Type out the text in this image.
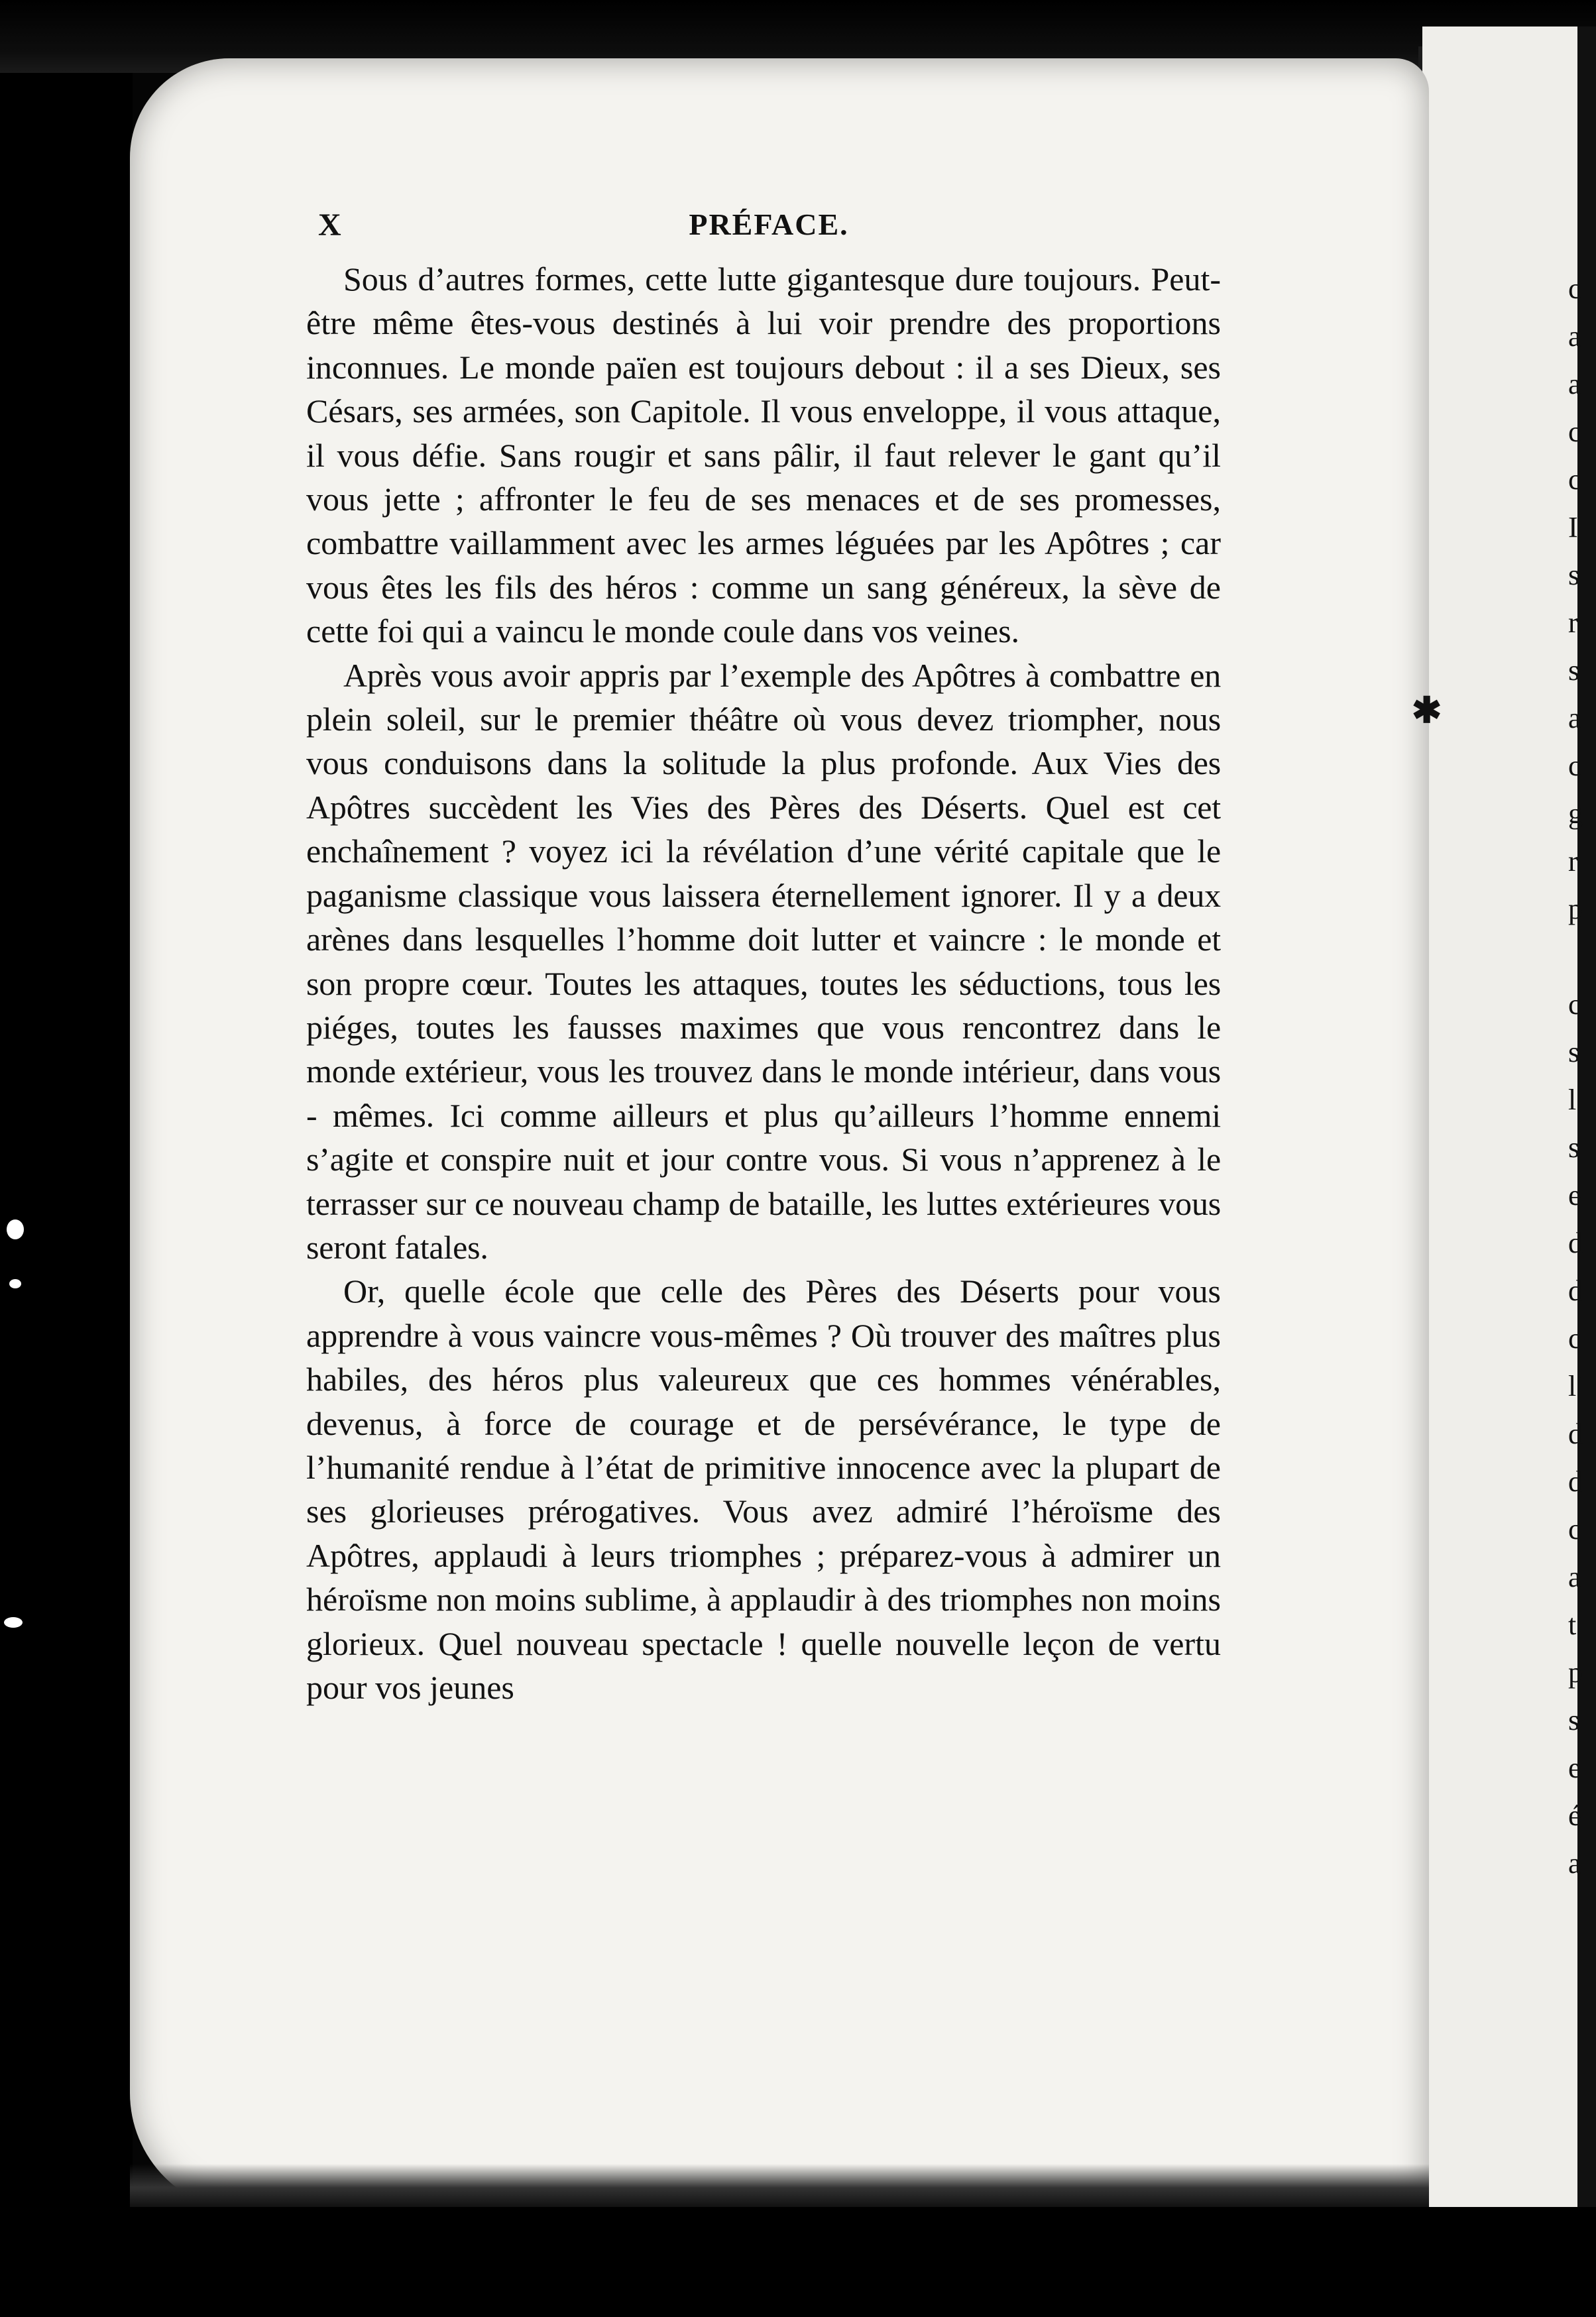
c
a
a
c
c
I
s
r
s
a
c
g
r
p
c
s
l
s
e
d
d
c
l'
d
d
c
a
t
p
s
e
é
a
X	PRÉFACE.
✱

Sous d’autres formes, cette lutte gigantesque dure toujours. Peut-être même êtes-vous destinés à lui voir prendre des proportions inconnues. Le monde païen est toujours debout : il a ses Dieux, ses Césars, ses armées, son Capitole. Il vous enveloppe, il vous attaque, il vous défie. Sans rougir et sans pâlir, il faut relever le gant qu’il vous jette ; affronter le feu de ses menaces et de ses promesses, combattre vaillamment avec les armes léguées par les Apôtres ; car vous êtes les fils des héros : comme un sang généreux, la sève de cette foi qui a vaincu le monde coule dans vos veines.

Après vous avoir appris par l’exemple des Apôtres à combattre en plein soleil, sur le premier théâtre où vous devez triompher, nous vous conduisons dans la solitude la plus profonde. Aux Vies des Apôtres succèdent les Vies des Pères des Déserts. Quel est cet enchaînement ? voyez ici la révélation d’une vérité capitale que le paganisme classique vous laissera éternellement ignorer. Il y a deux arènes dans lesquelles l’homme doit lutter et vaincre : le monde et son propre cœur. Toutes les attaques, toutes les séductions, tous les piéges, toutes les fausses maximes que vous rencontrez dans le monde extérieur, vous les trouvez dans le monde intérieur, dans vous - mêmes. Ici comme ailleurs et plus qu’ailleurs l’homme ennemi s’agite et conspire nuit et jour contre vous. Si vous n’apprenez à le terrasser sur ce nouveau champ de bataille, les luttes extérieures vous seront fatales.

Or, quelle école que celle des Pères des Déserts pour vous apprendre à vous vaincre vous-mêmes ? Où trouver des maîtres plus habiles, des héros plus valeureux que ces hommes vénérables, devenus, à force de courage et de persévérance, le type de l’humanité rendue à l’état de primitive innocence avec la plupart de ses glorieuses prérogatives. Vous avez admiré l’héroïsme des Apôtres, applaudi à leurs triomphes ; préparez-vous à admirer un héroïsme non moins sublime, à applaudir à des triomphes non moins glorieux. Quel nouveau spectacle ! quelle nouvelle leçon de vertu pour vos jeunes
